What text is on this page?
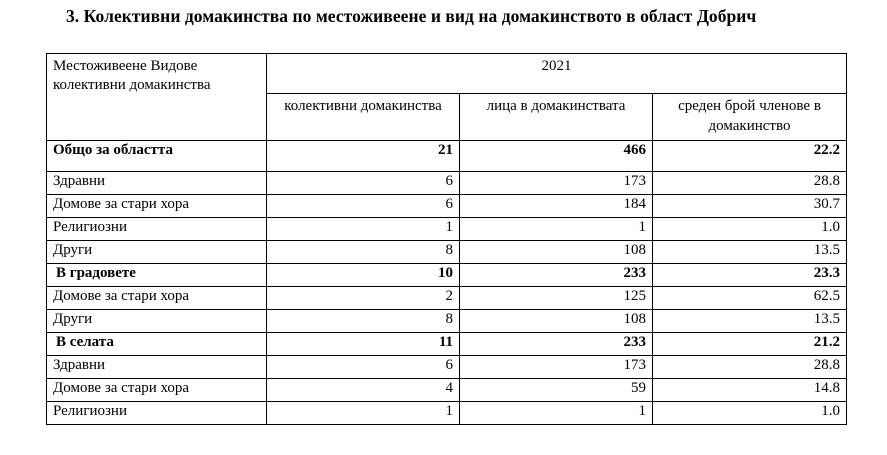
3. Колективни домакинства по местоживеене и вид на домакинството в област Добрич
Местоживеене Видове колективни домакинства	2021		
	колективни домакинства	лица в домакинствата	среден брой членове в домакинство
Общо за областта	21	466	22.2
Здравни	6	173	28.8
Домове за стари хора	6	184	30.7
Религиозни	1	1	1.0
Други	8	108	13.5
В градовете	10	233	23.3
Домове за стари хора	2	125	62.5
Други	8	108	13.5
В селата	11	233	21.2
Здравни	6	173	28.8
Домове за стари хора	4	59	14.8
Религиозни	1	1	1.0
